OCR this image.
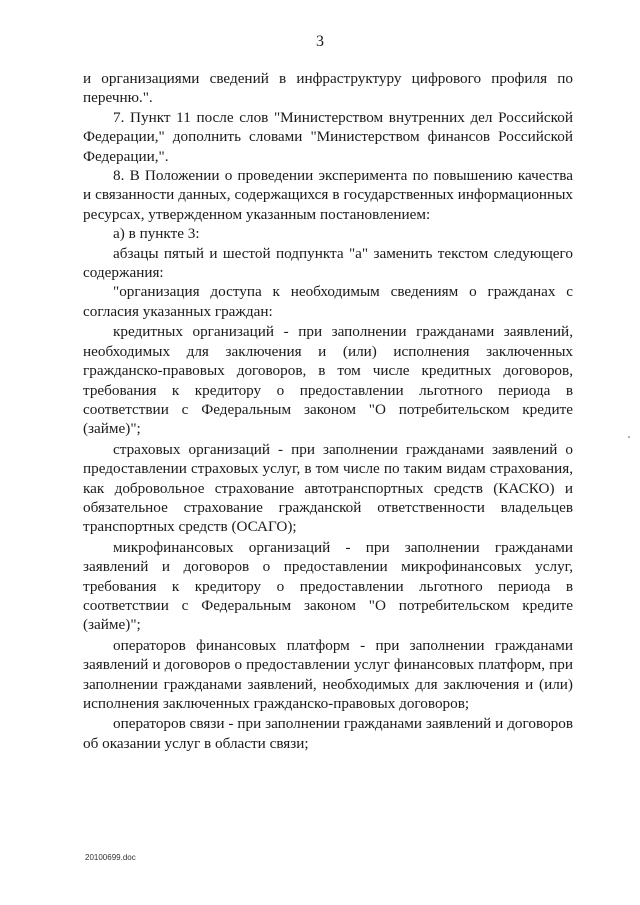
3

и организациями сведений в инфраструктуру цифрового профиля по перечню.".

7. Пункт 11 после слов "Министерством внутренних дел Российской Федерации," дополнить словами "Министерством финансов Российской Федерации,".

8. В Положении о проведении эксперимента по повышению качества и связанности данных, содержащихся в государственных информационных ресурсах, утвержденном указанным постановлением:

а) в пункте 3:

абзацы пятый и шестой подпункта "а" заменить текстом следующего содержания:

"организация доступа к необходимым сведениям о гражданах с согласия указанных граждан:

кредитных организаций - при заполнении гражданами заявлений, необходимых для заключения и (или) исполнения заключенных гражданско-правовых договоров, в том числе кредитных договоров, требования к кредитору о предоставлении льготного периода в соответствии с Федеральным законом "О потребительском кредите (займе)";

страховых организаций - при заполнении гражданами заявлений о предоставлении страховых услуг, в том числе по таким видам страхования, как добровольное страхование автотранспортных средств (КАСКО) и обязательное страхование гражданской ответственности владельцев транспортных средств (ОСАГО);

микрофинансовых организаций - при заполнении гражданами заявлений и договоров о предоставлении микрофинансовых услуг, требования к кредитору о предоставлении льготного периода в соответствии с Федеральным законом "О потребительском кредите (займе)";

операторов финансовых платформ - при заполнении гражданами заявлений и договоров о предоставлении услуг финансовых платформ, при заполнении гражданами заявлений, необходимых для заключения и (или) исполнения заключенных гражданско-правовых договоров;

операторов связи - при заполнении гражданами заявлений и договоров об оказании услуг в области связи;

20100699.doc
